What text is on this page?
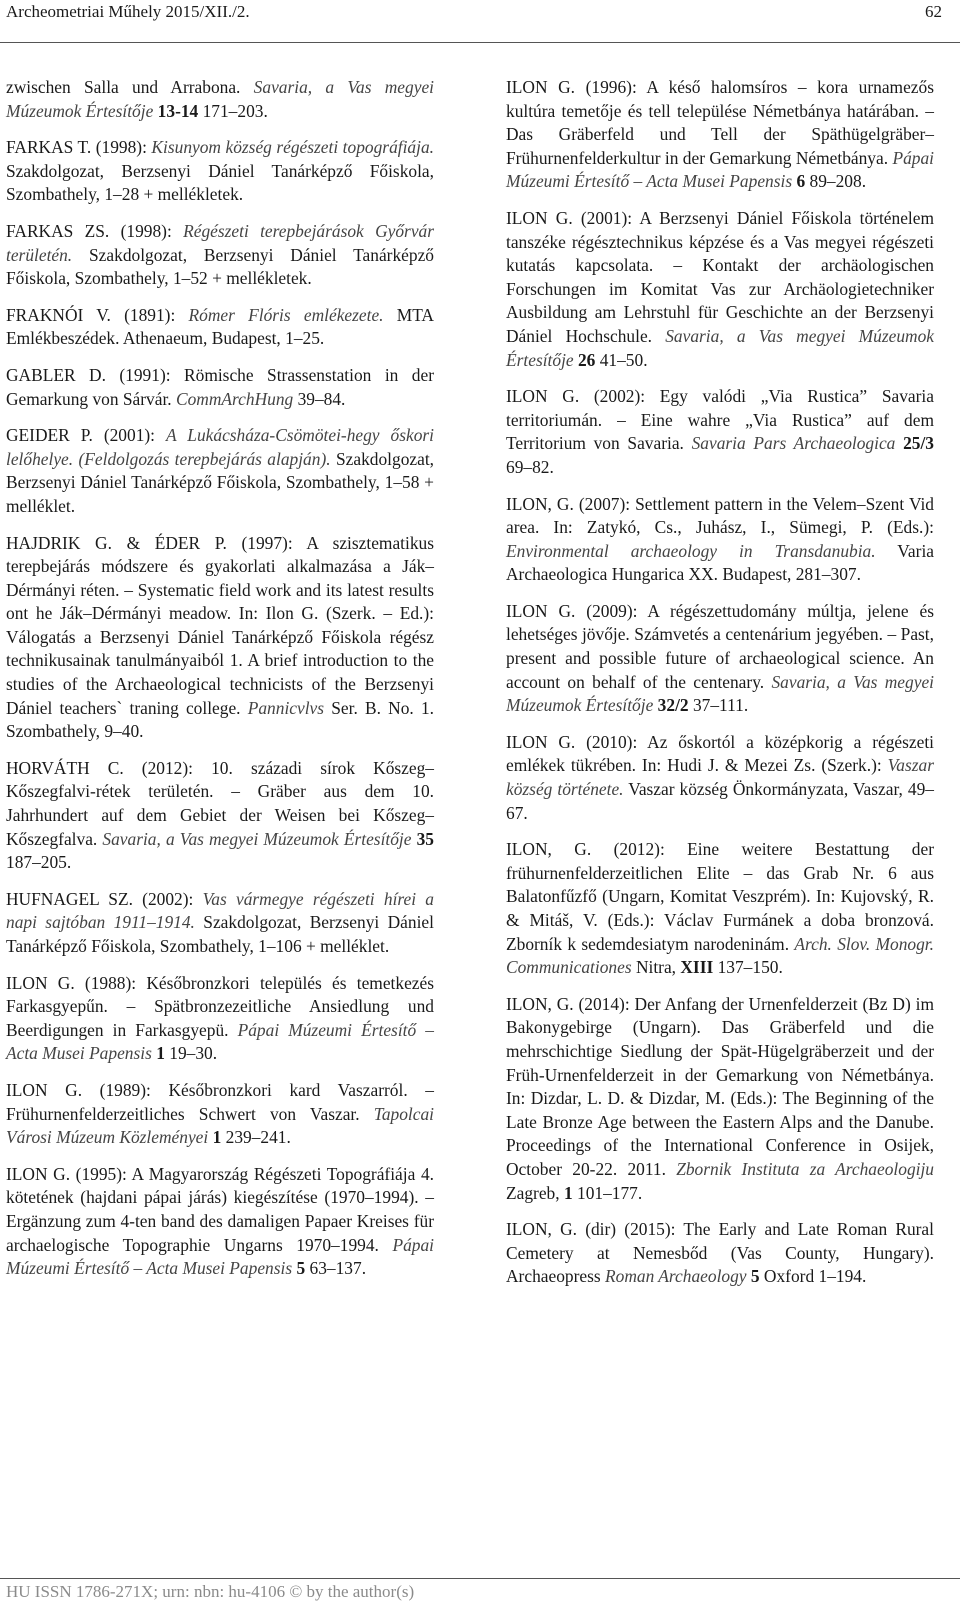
Archeometriai Műhely 2015/XII./2.	62

zwischen Salla und Arrabona. Savaria, a Vas megyei Múzeumok Értesítője 13-14 171–203.

FARKAS T. (1998): Kisunyom község régészeti topográfiája. Szakdolgozat, Berzsenyi Dániel Tanárképző Főiskola, Szombathely, 1–28 + mellékletek.

FARKAS ZS. (1998): Régészeti terepbejárások Győrvár területén. Szakdolgozat, Berzsenyi Dániel Tanárképző Főiskola, Szombathely, 1–52 + mellékletek.

FRAKNÓI V. (1891): Rómer Flóris emlékezete. MTA Emlékbeszédek. Athenaeum, Budapest, 1–25.

GABLER D. (1991): Römische Strassenstation in der Gemarkung von Sárvár. CommArchHung 39–84.

GEIDER P. (2001): A Lukácsháza-Csömötei-hegy őskori lelőhelye. (Feldolgozás terepbejárás alapján). Szakdolgozat, Berzsenyi Dániel Tanárképző Főiskola, Szombathely, 1–58 + melléklet.

HAJDRIK G. & ÉDER P. (1997): A szisztematikus terepbejárás módszere és gyakorlati alkalmazása a Ják–Dérmányi réten. – Systematic field work and its latest results ont he Ják–Dérmányi meadow. In: Ilon G. (Szerk. – Ed.): Válogatás a Berzsenyi Dániel Tanárképző Főiskola régész technikusainak tanulmányaiból 1. A brief introduction to the studies of the Archaeological technicists of the Berzsenyi Dániel teachers` traning college. Pannicvlvs Ser. B. No. 1. Szombathely, 9–40.

HORVÁTH C. (2012): 10. századi sírok Kőszeg–Kőszegfalvi-rétek területén. – Gräber aus dem 10. Jahrhundert auf dem Gebiet der Weisen bei Kőszeg–Kőszegfalva. Savaria, a Vas megyei Múzeumok Értesítője 35 187–205.

HUFNAGEL SZ. (2002): Vas vármegye régészeti hírei a napi sajtóban 1911–1914. Szakdolgozat, Berzsenyi Dániel Tanárképző Főiskola, Szombathely, 1–106 + melléklet.

ILON G. (1988): Későbronzkori település és temetkezés Farkasgyepűn. – Spätbronzezeitliche Ansiedlung und Beerdigungen in Farkasgyepü. Pápai Múzeumi Értesítő – Acta Musei Papensis 1 19–30.

ILON G. (1989): Későbronzkori kard Vaszarról. – Frühurnenfelderzeitliches Schwert von Vaszar. Tapolcai Városi Múzeum Közleményei 1 239–241.

ILON G. (1995): A Magyarország Régészeti Topográfiája 4. kötetének (hajdani pápai járás) kiegészítése (1970–1994). – Ergänzung zum 4-ten band des damaligen Papaer Kreises für archaelogische Topographie Ungarns 1970–1994. Pápai Múzeumi Értesítő – Acta Musei Papensis 5 63–137.

ILON G. (1996): A késő halomsíros – kora urnamezős kultúra temetője és tell települése Németbánya határában. – Das Gräberfeld und Tell der Späthügelgräber–Frühurnenfelderkultur in der Gemarkung Németbánya. Pápai Múzeumi Értesítő – Acta Musei Papensis 6 89–208.

ILON G. (2001): A Berzsenyi Dániel Főiskola történelem tanszéke régésztechnikus képzése és a Vas megyei régészeti kutatás kapcsolata. – Kontakt der archäologischen Forschungen im Komitat Vas zur Archäologietechniker Ausbildung am Lehrstuhl für Geschichte an der Berzsenyi Dániel Hochschule. Savaria, a Vas megyei Múzeumok Értesítője 26 41–50.

ILON G. (2002): Egy valódi „Via Rustica” Savaria territoriumán. – Eine wahre „Via Rustica” auf dem Territorium von Savaria. Savaria Pars Archaeologica 25/3 69–82.

ILON, G. (2007): Settlement pattern in the Velem–Szent Vid area. In: Zatykó, Cs., Juhász, I., Sümegi, P. (Eds.): Environmental archaeology in Transdanubia. Varia Archaeologica Hungarica XX. Budapest, 281–307.

ILON G. (2009): A régészettudomány múltja, jelene és lehetséges jövője. Számvetés a centenárium jegyében. – Past, present and possible future of archaeological science. An account on behalf of the centenary. Savaria, a Vas megyei Múzeumok Értesítője 32/2 37–111.

ILON G. (2010): Az őskortól a középkorig a régészeti emlékek tükrében. In: Hudi J. & Mezei Zs. (Szerk.): Vaszar község története. Vaszar község Önkormányzata, Vaszar, 49–67.

ILON, G. (2012): Eine weitere Bestattung der frühurnenfelderzeitlichen Elite – das Grab Nr. 6 aus Balatonfűzfő (Ungarn, Komitat Veszprém). In: Kujovský, R. & Mitáš, V. (Eds.): Václav Furmánek a doba bronzová. Zborník k sedemdesiatym narodeninám. Arch. Slov. Monogr. Communicationes Nitra, XIII 137–150.

ILON, G. (2014): Der Anfang der Urnenfelderzeit (Bz D) im Bakonygebirge (Ungarn). Das Gräberfeld und die mehrschichtige Siedlung der Spät-Hügelgräberzeit und der Früh-Urnenfelderzeit in der Gemarkung von Németbánya. In: Dizdar, L. D. & Dizdar, M. (Eds.): The Beginning of the Late Bronze Age between the Eastern Alps and the Danube. Proceedings of the International Conference in Osijek, October 20-22. 2011. Zbornik Instituta za Archaeologiju Zagreb, 1 101–177.

ILON, G. (dir) (2015): The Early and Late Roman Rural Cemetery at Nemesbőd (Vas County, Hungary). Archaeopress Roman Archaeology 5 Oxford 1–194.

HU ISSN 1786-271X; urn: nbn: hu-4106 © by the author(s)
